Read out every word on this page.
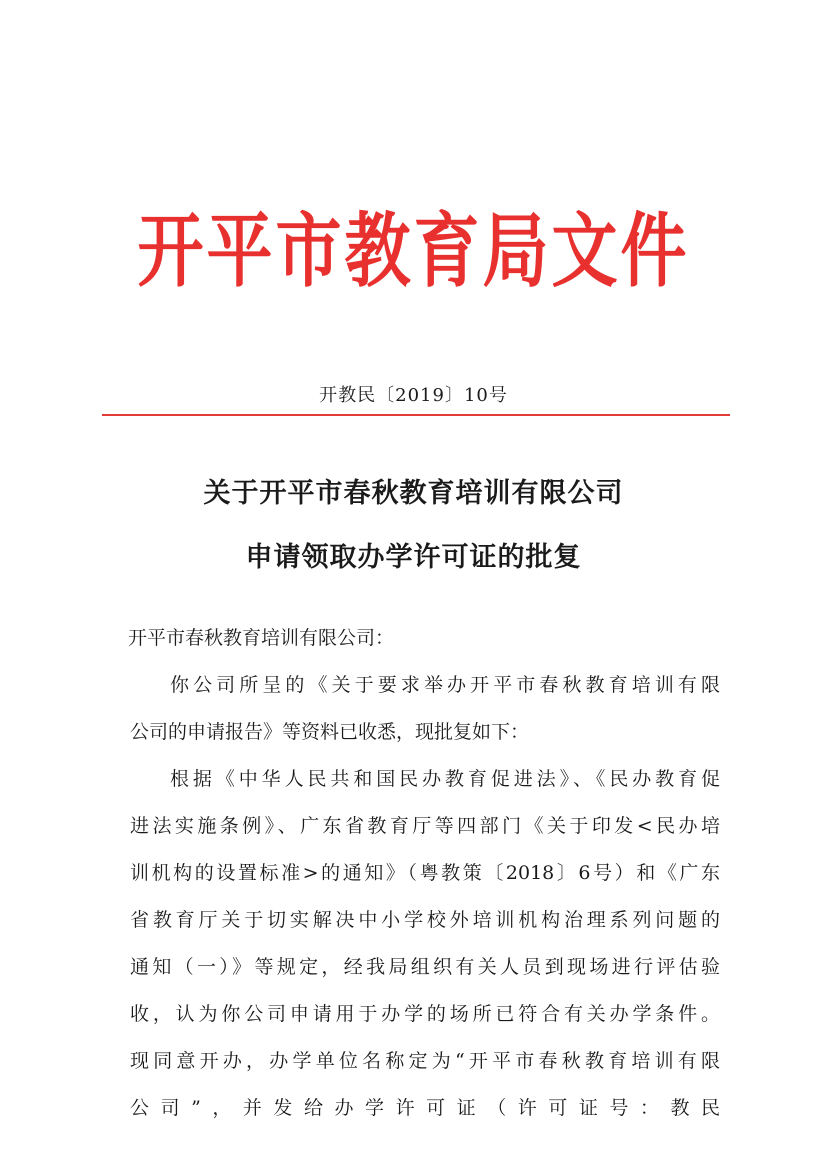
开平市教育局文件
开教民〔2019〕10号
关于开平市春秋教育培训有限公司
申请领取办学许可证的批复
开平市春秋教育培训有限公司：
你公司所呈的《关于要求举办开平市春秋教育培训有限
公司的申请报告》等资料已收悉，现批复如下：
根据《中华人民共和国民办教育促进法》、《民办教育促
进法实施条例》、广东省教育厅等四部门《关于印发<民办培
训机构的设置标准>的通知》（粤教策〔2018〕6号）和《广东
省教育厅关于切实解决中小学校外培训机构治理系列问题的
通知（一）》等规定，经我局组织有关人员到现场进行评估验
收，认为你公司申请用于办学的场所已符合有关办学条件。
现同意开办，办学单位名称定为“开平市春秋教育培训有限
公司”，并发给办学许可证（许可证号：教民
